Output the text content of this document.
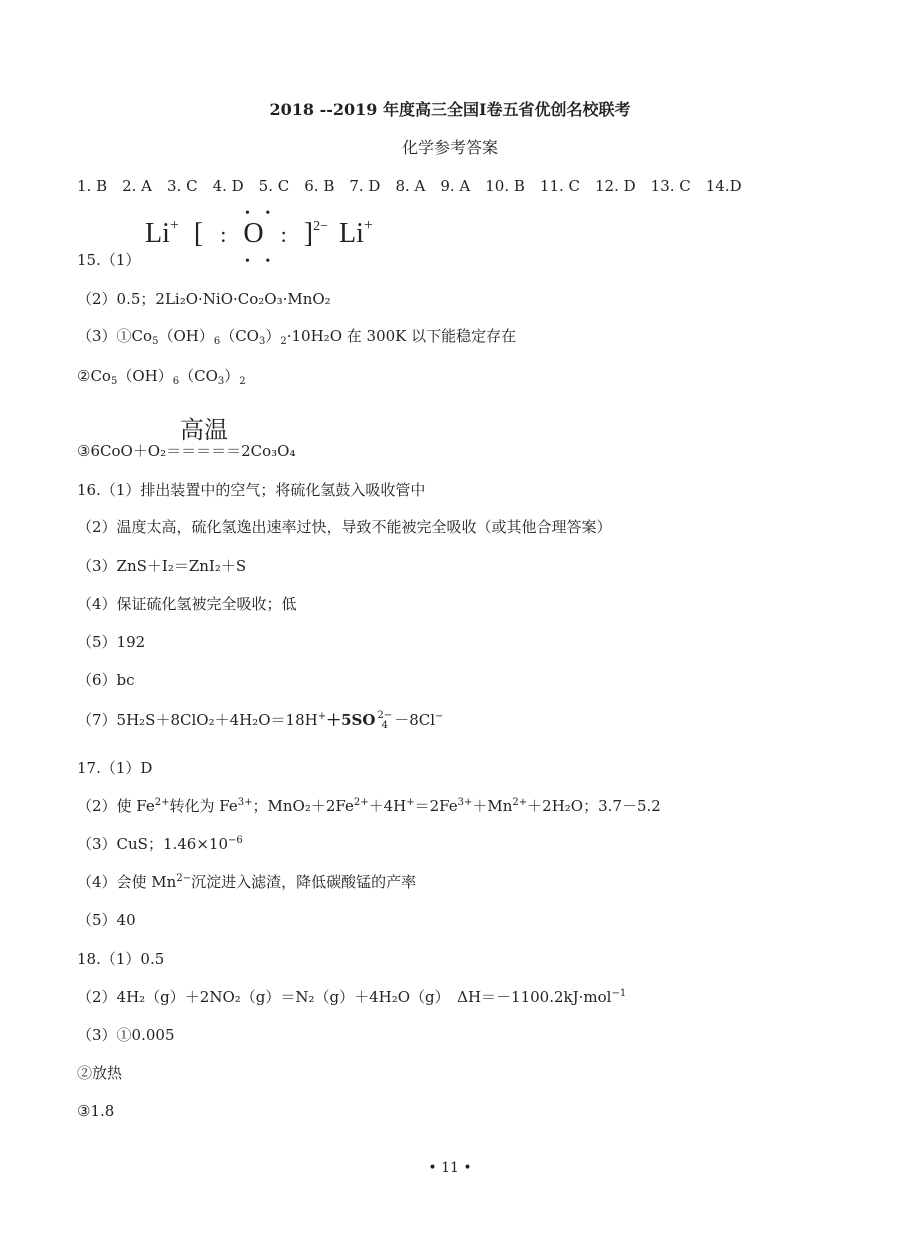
2018 --2019 年度高三全国Ⅰ卷五省优创名校联考
化学参考答案
1. B　2. A　3. C　4. D　5. C　6. B　7. D　8. A　9. A　10. B　11. C　12. D　13. C　14.D
15.（1）
Li+ [ : O : ]$^{2-}$ Li+
• •
• •
（2）0.5；2Li₂O·NiO·Co₂O₃·MnO₂
$(3)①Co_5(OH)_6(CO_3)_2\cdot 10H_2O$ 在 300K 以下能稳定存在
$②Co_5(OH)_6(CO_3)_2$
高温
③6CoO＋O₂＝＝＝＝＝2Co₃O₄
16.（1）排出装置中的空气；将硫化氢鼓入吸收管中
（2）温度太高，硫化氢逸出速率过快，导致不能被完全吸收（或其他合理答案）
（3）ZnS＋I₂＝ZnI₂＋S
（4）保证硫化氢被完全吸收；低
（5）192
（6）bc
（7）5H₂S＋8ClO₂＋4H₂O＝18H+＋5SO 2−
4 －8Cl−
17.（1）D
（2）使 $Fe^{2+}$转化为 $Fe^{3+}$；$MnO_2+2Fe^{2+}+4H^+=2Fe^{3+}+Mn^{2+}+2H_2O$；3.7－5.2
（3）CuS；$1.46\times 10^{-6}$
（4）会使 $Mn^{2-}$沉淀进入滤渣，降低碳酸锰的产率
（5）40
18.（1）0.5
（2）4H₂（g）＋2NO₂（g）＝N₂（g）＋4H₂O（g）　ΔH＝－1100.2kJ·mol$^{-1}$
（3）①0.005
②放热
③1.8
• 11 •
